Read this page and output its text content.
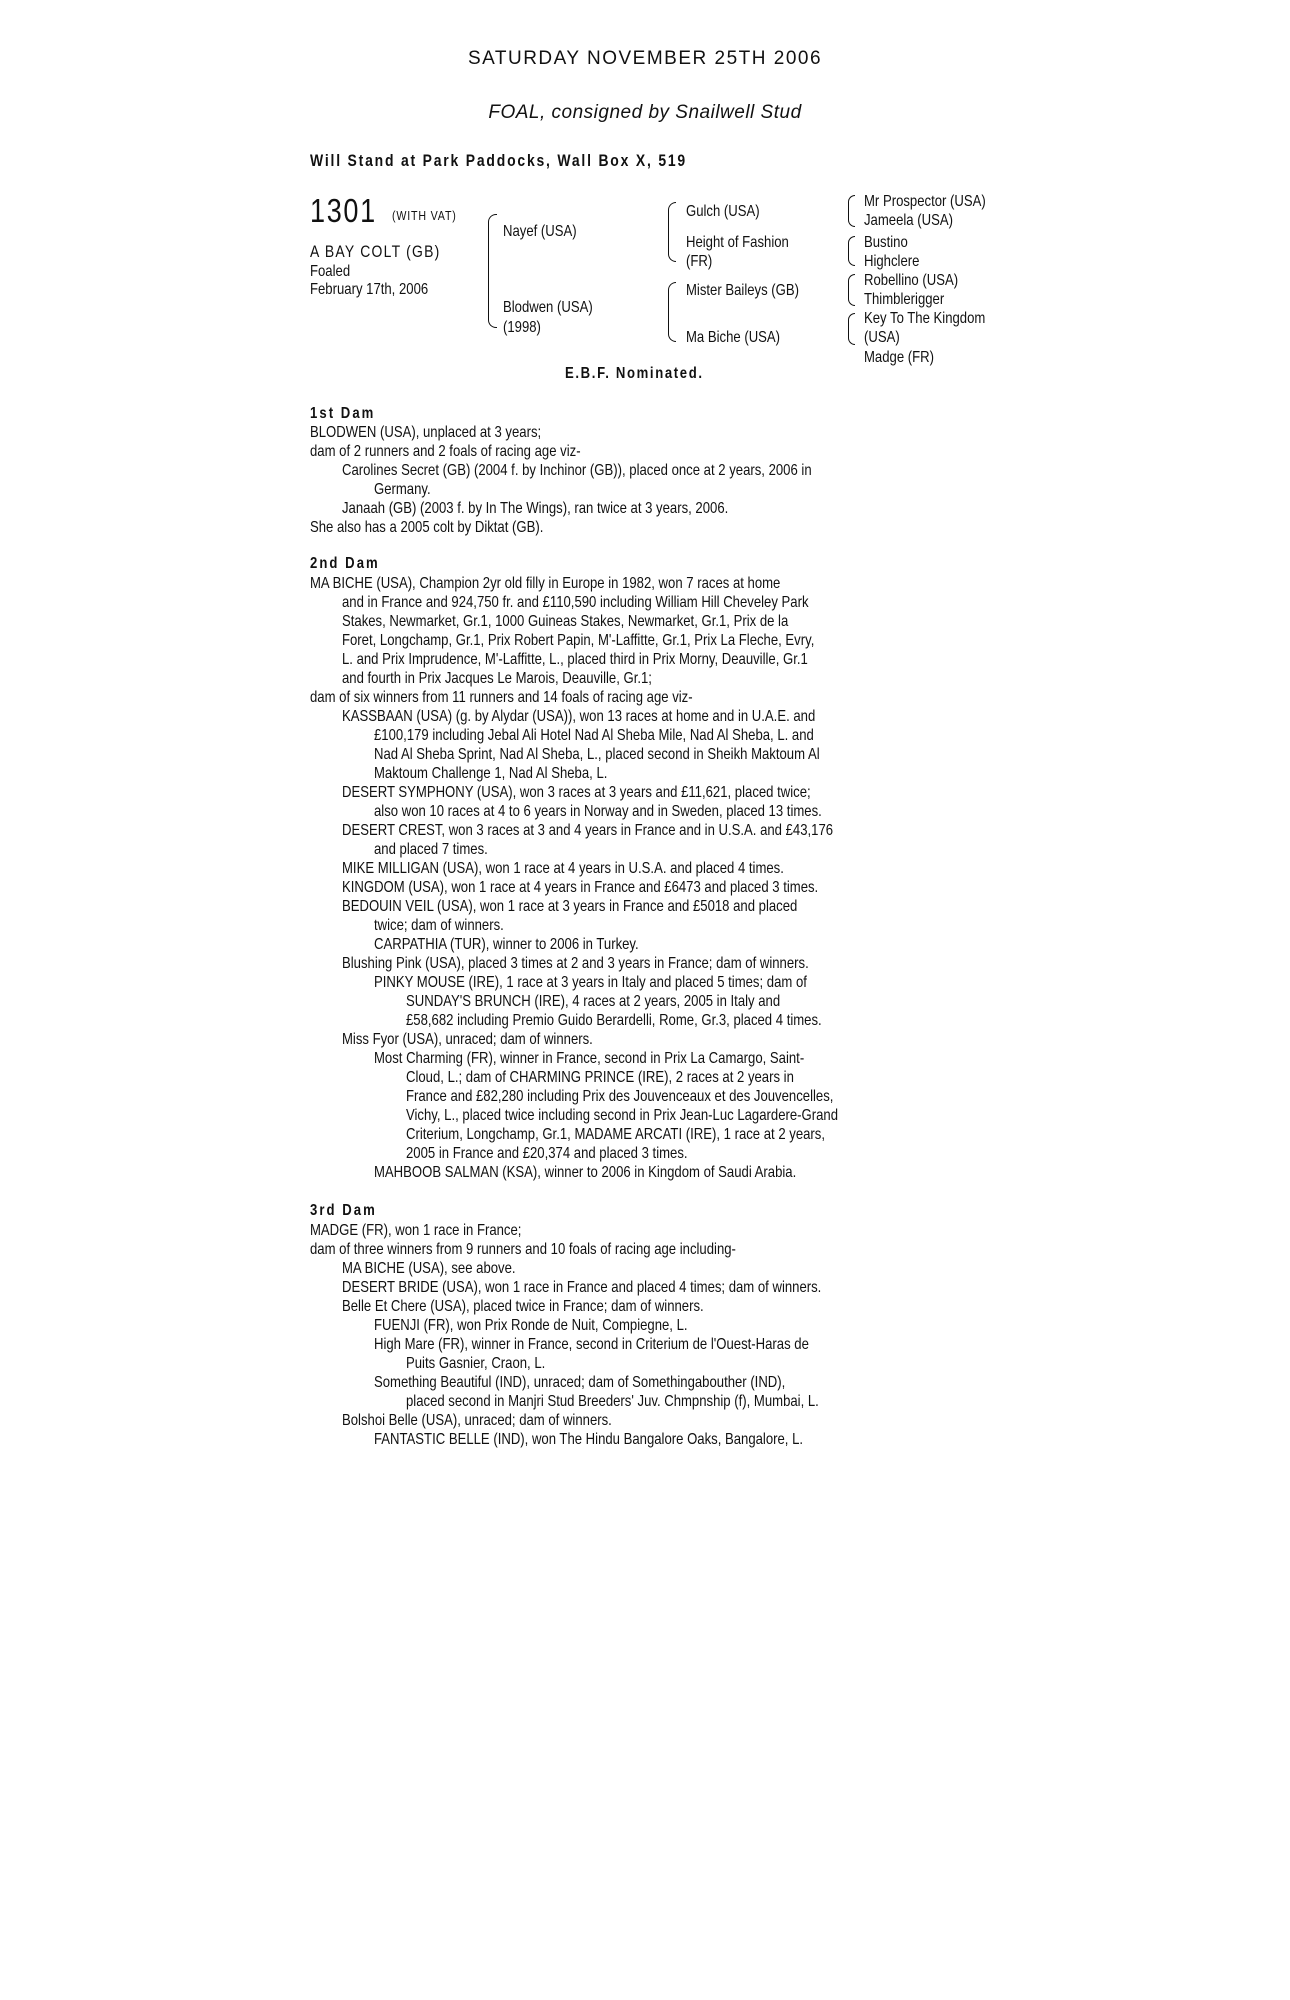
SATURDAY NOVEMBER 25TH 2006
FOAL, consigned by Snailwell Stud
Will Stand at Park Paddocks, Wall Box X, 519
1301 (WITH VAT)
A BAY COLT (GB)
Foaled
February 17th, 2006
Nayef (USA)
Blodwen (USA)
(1998)
Gulch (USA)
Height of Fashion
(FR)
Mister Baileys (GB)
Ma Biche (USA)
Mr Prospector (USA)
Jameela (USA)
Bustino
Highclere
Robellino (USA)
Thimblerigger
Key To The Kingdom
(USA)
Madge (FR)
E.B.F. Nominated.
1st Dam
BLODWEN (USA), unplaced at 3 years;
dam of 2 runners and 2 foals of racing age viz-
Carolines Secret (GB) (2004 f. by Inchinor (GB)), placed once at 2 years, 2006 in
Germany.
Janaah (GB) (2003 f. by In The Wings), ran twice at 3 years, 2006.
She also has a 2005 colt by Diktat (GB).
2nd Dam
MA BICHE (USA), Champion 2yr old filly in Europe in 1982, won 7 races at home
and in France and 924,750 fr. and £110,590 including William Hill Cheveley Park
Stakes, Newmarket, Gr.1, 1000 Guineas Stakes, Newmarket, Gr.1, Prix de la
Foret, Longchamp, Gr.1, Prix Robert Papin, M'-Laffitte, Gr.1, Prix La Fleche, Evry,
L. and Prix Imprudence, M'-Laffitte, L., placed third in Prix Morny, Deauville, Gr.1
and fourth in Prix Jacques Le Marois, Deauville, Gr.1;
dam of six winners from 11 runners and 14 foals of racing age viz-
KASSBAAN (USA) (g. by Alydar (USA)), won 13 races at home and in U.A.E. and
£100,179 including Jebal Ali Hotel Nad Al Sheba Mile, Nad Al Sheba, L. and
Nad Al Sheba Sprint, Nad Al Sheba, L., placed second in Sheikh Maktoum Al
Maktoum Challenge 1, Nad Al Sheba, L.
DESERT SYMPHONY (USA), won 3 races at 3 years and £11,621, placed twice;
also won 10 races at 4 to 6 years in Norway and in Sweden, placed 13 times.
DESERT CREST, won 3 races at 3 and 4 years in France and in U.S.A. and £43,176
and placed 7 times.
MIKE MILLIGAN (USA), won 1 race at 4 years in U.S.A. and placed 4 times.
KINGDOM (USA), won 1 race at 4 years in France and £6473 and placed 3 times.
BEDOUIN VEIL (USA), won 1 race at 3 years in France and £5018 and placed
twice; dam of winners.
CARPATHIA (TUR), winner to 2006 in Turkey.
Blushing Pink (USA), placed 3 times at 2 and 3 years in France; dam of winners.
PINKY MOUSE (IRE), 1 race at 3 years in Italy and placed 5 times; dam of
SUNDAY'S BRUNCH (IRE), 4 races at 2 years, 2005 in Italy and
£58,682 including Premio Guido Berardelli, Rome, Gr.3, placed 4 times.
Miss Fyor (USA), unraced; dam of winners.
Most Charming (FR), winner in France, second in Prix La Camargo, Saint-
Cloud, L.; dam of CHARMING PRINCE (IRE), 2 races at 2 years in
France and £82,280 including Prix des Jouvenceaux et des Jouvencelles,
Vichy, L., placed twice including second in Prix Jean-Luc Lagardere-Grand
Criterium, Longchamp, Gr.1, MADAME ARCATI (IRE), 1 race at 2 years,
2005 in France and £20,374 and placed 3 times.
MAHBOOB SALMAN (KSA), winner to 2006 in Kingdom of Saudi Arabia.
3rd Dam
MADGE (FR), won 1 race in France;
dam of three winners from 9 runners and 10 foals of racing age including-
MA BICHE (USA), see above.
DESERT BRIDE (USA), won 1 race in France and placed 4 times; dam of winners.
Belle Et Chere (USA), placed twice in France; dam of winners.
FUENJI (FR), won Prix Ronde de Nuit, Compiegne, L.
High Mare (FR), winner in France, second in Criterium de l'Ouest-Haras de
Puits Gasnier, Craon, L.
Something Beautiful (IND), unraced; dam of Somethingabouther (IND),
placed second in Manjri Stud Breeders' Juv. Chmpnship (f), Mumbai, L.
Bolshoi Belle (USA), unraced; dam of winners.
FANTASTIC BELLE (IND), won The Hindu Bangalore Oaks, Bangalore, L.
